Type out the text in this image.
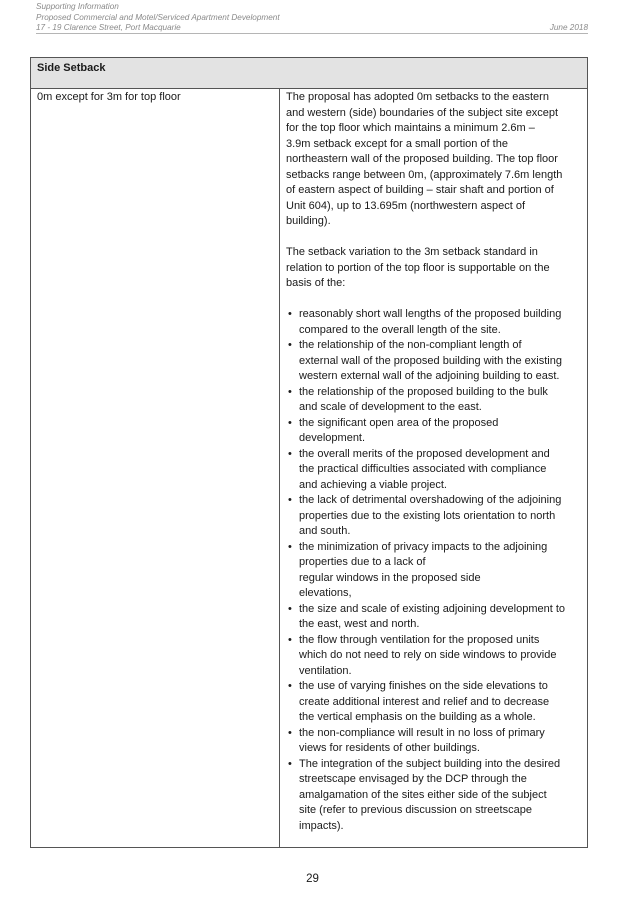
Supporting Information
Proposed Commercial and Motel/Serviced Apartment Development
17 - 19 Clarence Street, Port Macquarie	June 2018
Side Setback
0m except for 3m for top floor	The proposal has adopted 0m setbacks to the eastern
and western (side) boundaries of the subject site except
for the top floor which maintains a minimum 2.6m –
3.9m setback except for a small portion of the
northeastern wall of the proposed building. The top floor
setbacks range between 0m, (approximately 7.6m length
of eastern aspect of building – stair shaft and portion of
Unit 604), up to 13.695m (northwestern aspect of
building).
The setback variation to the 3m setback standard in
relation to portion of the top floor is supportable on the
basis of the:
• reasonably short wall lengths of the proposed building
compared to the overall length of the site.
• the relationship of the non-compliant length of
external wall of the proposed building with the existing
western external wall of the adjoining building to east.
• the relationship of the proposed building to the bulk
and scale of development to the east.
• the significant open area of the proposed
development.
• the overall merits of the proposed development and
the practical difficulties associated with compliance
and achieving a viable project.
• the lack of detrimental overshadowing of the adjoining
properties due to the existing lots orientation to north
and south.
• the minimization of privacy impacts to the adjoining
properties due to a lack of
regular windows in the proposed side
elevations,
• the size and scale of existing adjoining development to
the east, west and north.
• the flow through ventilation for the proposed units
which do not need to rely on side windows to provide
ventilation.
• the use of varying finishes on the side elevations to
create additional interest and relief and to decrease
the vertical emphasis on the building as a whole.
• the non-compliance will result in no loss of primary
views for residents of other buildings.
• The integration of the subject building into the desired
streetscape envisaged by the DCP through the
amalgamation of the sites either side of the subject
site (refer to previous discussion on streetscape
impacts).
29
